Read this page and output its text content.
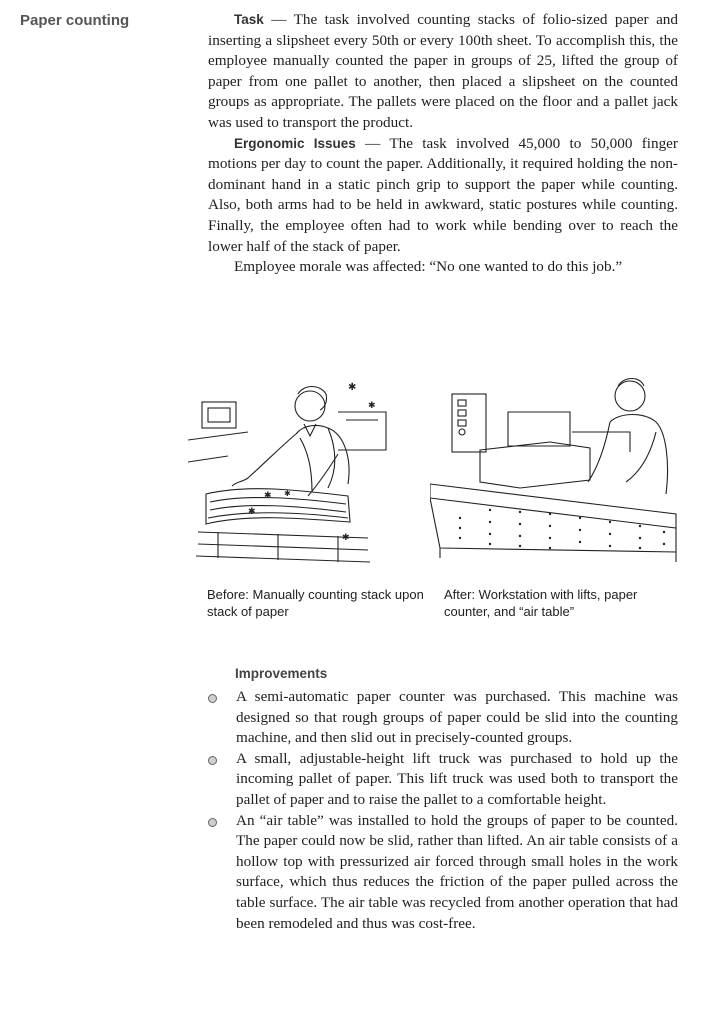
Paper counting	Task — The task involved counting stacks of folio-sized paper and inserting a slipsheet every 50th or every 100th sheet. To accomplish this, the employee manually counted the paper in groups of 25, lifted the group of paper from one pallet to another, then placed a slipsheet on the counted groups as appropriate. The pallets were placed on the floor and a pallet jack was used to transport the product.

Ergonomic Issues — The task involved 45,000 to 50,000 finger motions per day to count the paper. Additionally, it required holding the non-dominant hand in a static pinch grip to support the paper while counting. Also, both arms had to be held in awkward, static postures while counting. Finally, the employee often had to work while bending over to reach the lower half of the stack of paper.

Employee morale was affected: “No one wanted to do this job.”

✱
✱
✱
✱
✱
✱
Before: Manually counting stack upon stack of paper
After: Workstation with lifts, paper counter, and “air table”
Improvements
A semi-automatic paper counter was purchased. This machine was designed so that rough groups of paper could be slid into the counting machine, and then slid out in precisely-counted groups.
A small, adjustable-height lift truck was purchased to hold up the incoming pallet of paper. This lift truck was used both to transport the pallet of paper and to raise the pallet to a comfortable height.
An “air table” was installed to hold the groups of paper to be counted. The paper could now be slid, rather than lifted. An air table consists of a hollow top with pressurized air forced through small holes in the work surface, which thus reduces the friction of the paper pulled across the table surface. The air table was recycled from another operation that had been remodeled and thus was cost-free.
